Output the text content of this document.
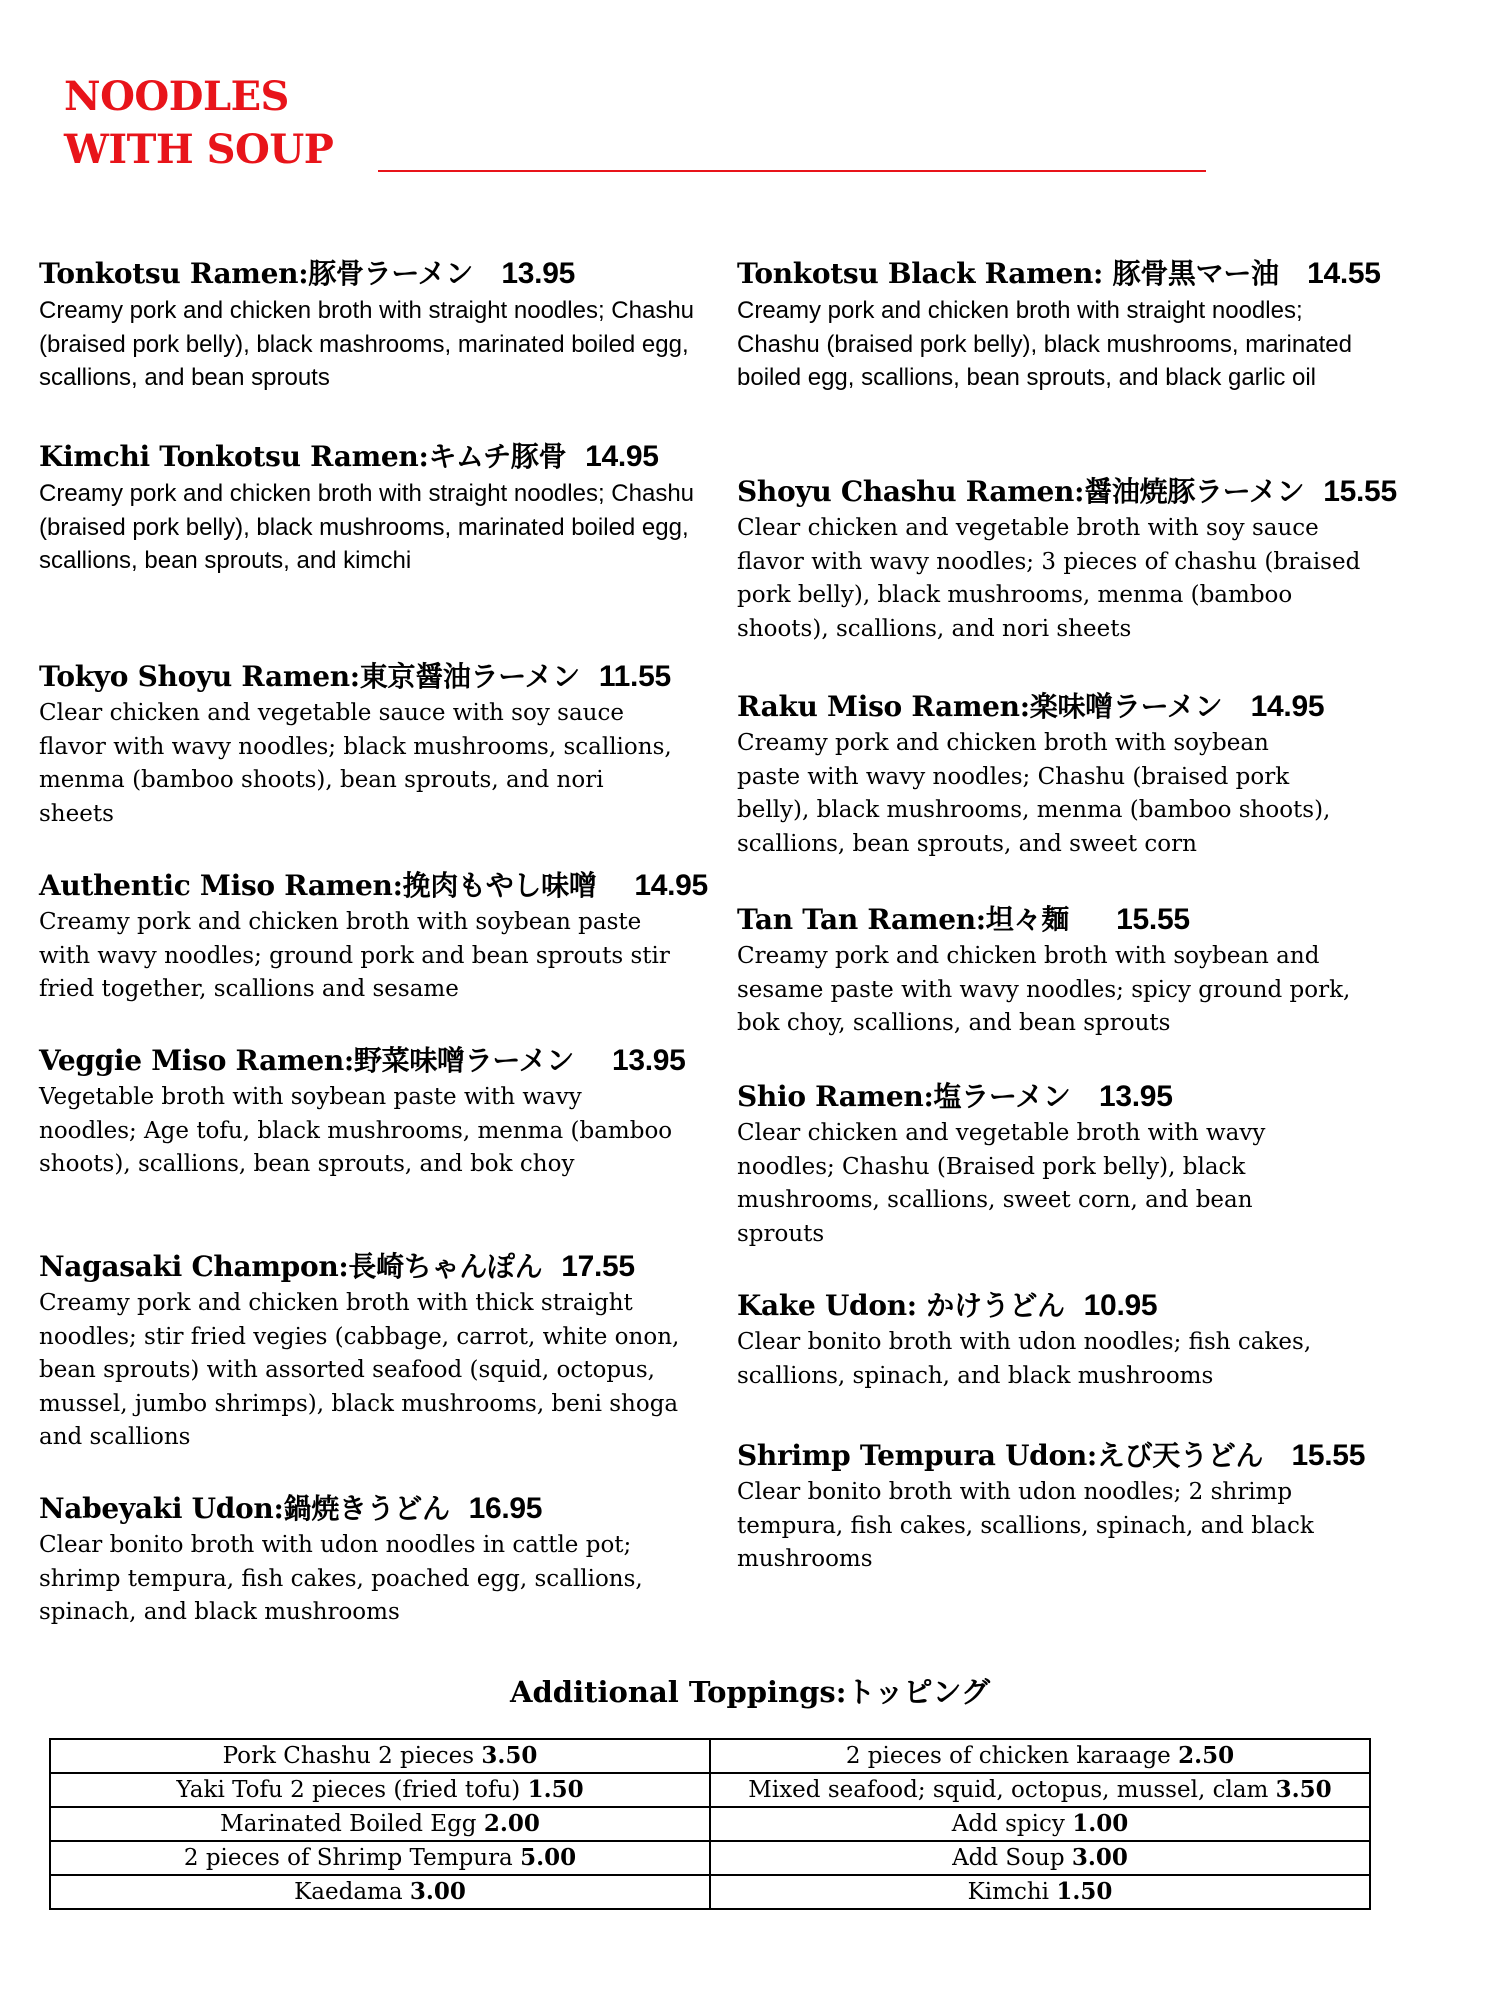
NOODLES
WITH SOUP
Tonkotsu Ramen:豚骨ラーメン 13.95
Creamy pork and chicken broth with straight noodles; Chashu (braised pork belly), black mashrooms, marinated boiled egg, scallions, and bean sprouts
Kimchi Tonkotsu Ramen:キムチ豚骨 14.95
Creamy pork and chicken broth with straight noodles; Chashu (braised pork belly), black mushrooms, marinated boiled egg, scallions, bean sprouts, and kimchi
Tokyo Shoyu Ramen:東京醤油ラーメン 11.55
Clear chicken and vegetable sauce with soy sauce flavor with wavy noodles; black mushrooms, scallions, menma (bamboo shoots), bean sprouts, and nori sheets
Authentic Miso Ramen:挽肉もやし味噌 14.95
Creamy pork and chicken broth with soybean paste with wavy noodles; ground pork and bean sprouts stir fried together, scallions and sesame
Veggie Miso Ramen:野菜味噌ラーメン 13.95
Vegetable broth with soybean paste with wavy noodles; Age tofu, black mushrooms, menma (bamboo shoots), scallions, bean sprouts, and bok choy
Nagasaki Champon:長崎ちゃんぽん 17.55
Creamy pork and chicken broth with thick straight noodles; stir fried vegies (cabbage, carrot, white onon, bean sprouts) with assorted seafood (squid, octopus, mussel, jumbo shrimps), black mushrooms, beni shoga and scallions
Nabeyaki Udon:鍋焼きうどん 16.95
Clear bonito broth with udon noodles in cattle pot; shrimp tempura, fish cakes, poached egg, scallions, spinach, and black mushrooms
Tonkotsu Black Ramen: 豚骨黒マー油 14.55
Creamy pork and chicken broth with straight noodles; Chashu (braised pork belly), black mushrooms, marinated boiled egg, scallions, bean sprouts, and black garlic oil
Shoyu Chashu Ramen:醤油焼豚ラーメン 15.55
Clear chicken and vegetable broth with soy sauce flavor with wavy noodles; 3 pieces of chashu (braised pork belly), black mushrooms, menma (bamboo shoots), scallions, and nori sheets
Raku Miso Ramen:楽味噌ラーメン 14.95
Creamy pork and chicken broth with soybean paste with wavy noodles; Chashu (braised pork belly), black mushrooms, menma (bamboo shoots), scallions, bean sprouts, and sweet corn
Tan Tan Ramen:坦々麺 15.55
Creamy pork and chicken broth with soybean and sesame paste with wavy noodles; spicy ground pork, bok choy, scallions, and bean sprouts
Shio Ramen:塩ラーメン 13.95
Clear chicken and vegetable broth with wavy noodles; Chashu (Braised pork belly), black mushrooms, scallions, sweet corn, and bean sprouts
Kake Udon: かけうどん 10.95
Clear bonito broth with udon noodles; fish cakes, scallions, spinach, and black mushrooms
Shrimp Tempura Udon:えび天うどん 15.55
Clear bonito broth with udon noodles; 2 shrimp tempura, fish cakes, scallions, spinach, and black mushrooms
Additional Toppings:トッピング
Pork Chashu 2 pieces 3.50	2 pieces of chicken karaage 2.50
Yaki Tofu 2 pieces (fried tofu) 1.50	Mixed seafood; squid, octopus, mussel, clam 3.50
Marinated Boiled Egg 2.00	Add spicy 1.00
2 pieces of Shrimp Tempura 5.00	Add Soup 3.00
Kaedama 3.00	Kimchi 1.50
